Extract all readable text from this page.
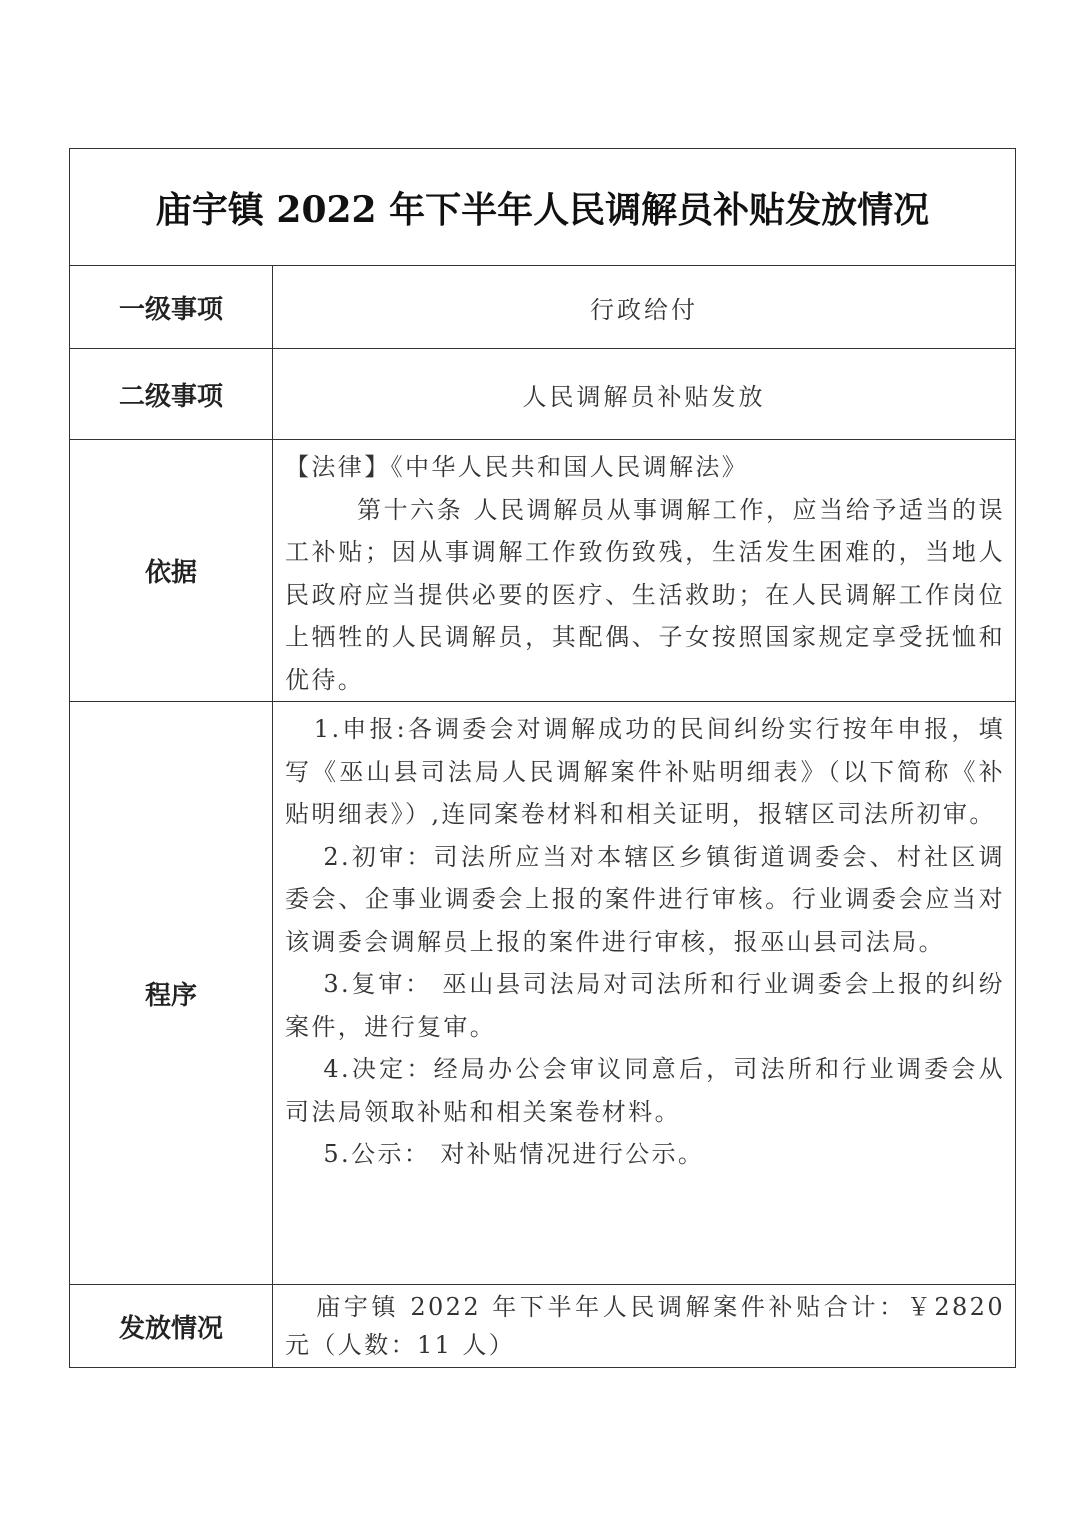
庙宇镇 2022 年下半年人民调解员补贴发放情况	
一级事项	行政给付
二级事项	人民调解员补贴发放
依据	【法律】《中华人民共和国人民调解法》

第十六条 人民调解员从事调解工作，应当给予适当的误工补贴；因从事调解工作致伤致残，生活发生困难的，当地人民政府应当提供必要的医疗、生活救助；在人民调解工作岗位上牺牲的人民调解员，其配偶、子女按照国家规定享受抚恤和优待。

程序	1.申报:各调委会对调解成功的民间纠纷实行按年申报，填写《巫山县司法局人民调解案件补贴明细表》（以下简称《补贴明细表》）,连同案卷材料和相关证明，报辖区司法所初审。

2.初审：司法所应当对本辖区乡镇街道调委会、村社区调委会、企事业调委会上报的案件进行审核。行业调委会应当对该调委会调解员上报的案件进行审核，报巫山县司法局。

3.复审： 巫山县司法局对司法所和行业调委会上报的纠纷案件，进行复审。

4.决定：经局办公会审议同意后，司法所和行业调委会从司法局领取补贴和相关案卷材料。

5.公示： 对补贴情况进行公示。

发放情况	庙宇镇 2022 年下半年人民调解案件补贴合计：￥2820 元（人数：11 人）
